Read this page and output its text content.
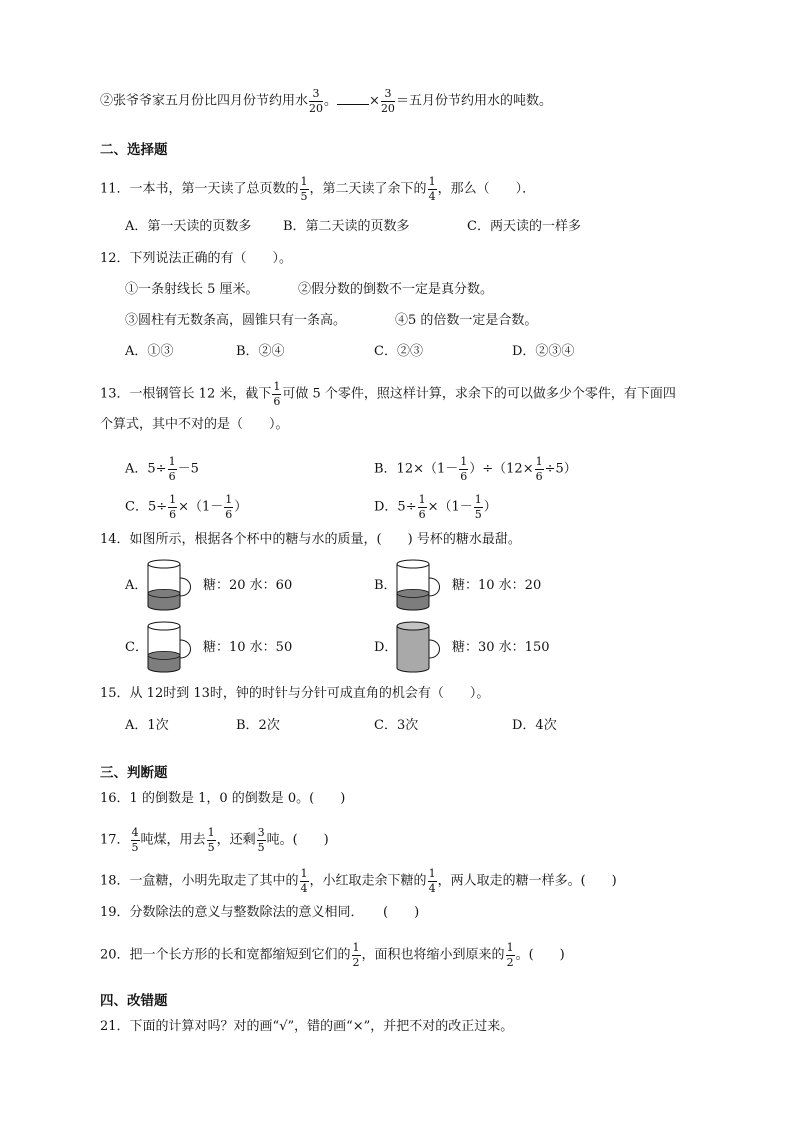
②张爷爷家五月份比四月份节约用水 $\frac{3}{20}$ 。 × $\frac{3}{20}$ ＝五月份节约用水的吨数。
二、选择题
11．一本书，第一天读了总页数的 $\frac{1}{5}$ ，第二天读了余下的 $\frac{1}{4}$ ，那么（　　）．
A．第一天读的页数多 B．第二天读的页数多	C．两天读的一样多
12．下列说法正确的有（　　）。
①一条射线长 5 厘米。	②假分数的倒数不一定是真分数。
③圆柱有无数条高，圆锥只有一条高。	④5 的倍数一定是合数。
A．①③	B．②④	C．②③	D．②③④
13．一根钢管长 12 米，截下 $\frac{1}{6}$ 可做 5 个零件，照这样计算，求余下的可以做多少个零件，有下面四
个算式，其中不对的是（　　）。
A．$5\div \frac{1}{6} -5$	B．$12\times(1- \frac{1}{6} )\div(12\times \frac{1}{6} \div 5)$
C．$5\div \frac{1}{6} \times(1- \frac{1}{6}$ ）	D．$5\div \frac{1}{6} \times(1- \frac{1}{5}$ ）
14．如图所示，根据各个杯中的糖与水的质量，(　　) 号杯的糖水最甜。
A．	糖：20 水：60	B．	糖：10 水：20
C．	糖：10 水：50	D．	糖：30 水：150
15．从 12时到 13时，钟的时针与分针可成直角的机会有（　　）。
A．1次	B．2次	C．3次	D．4次
三、判断题
16．1 的倒数是 1，0 的倒数是 0。(　　)
17． $\frac{4}{5}$ 吨煤，用去 $\frac{1}{5}$ ，还剩 $\frac{3}{5}$ 吨。(　　)
18．一盒糖，小明先取走了其中的 $\frac{1}{4}$ ，小红取走余下糖的 $\frac{1}{4}$ ，两人取走的糖一样多。(　　)
19．分数除法的意义与整数除法的意义相同．　　(　　)
20．把一个长方形的长和宽都缩短到它们的 $\frac{1}{2}$ ，面积也将缩小到原来的 $\frac{1}{2}$ 。(　　)
四、改错题
21．下面的计算对吗？对的画“√”，错的画“×”，并把不对的改正过来。
